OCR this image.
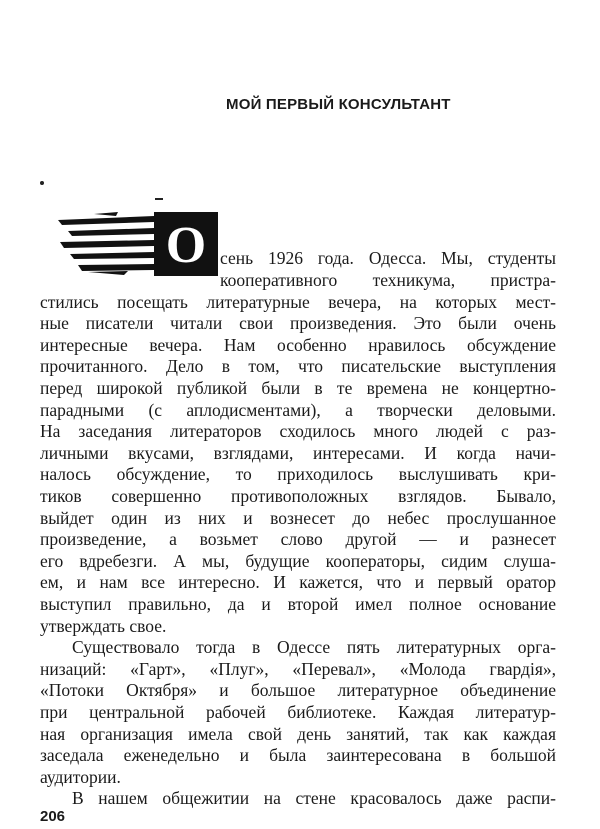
МОЙ ПЕРВЫЙ КОНСУЛЬТАНТ
О сень 1926 года. Одесса. Мы, студенты
кооперативного техникума, пристра-
стились посещать литературные вечера, на которых мест-
ные писатели читали свои произведения. Это были очень
интересные вечера. Нам особенно нравилось обсуждение
прочитанного. Дело в том, что писательские выступления
перед широкой публикой были в те времена не концертно-
парадными (с аплодисментами), а творчески деловыми.
На заседания литераторов сходилось много людей с раз-
личными вкусами, взглядами, интересами. И когда начи-
налось обсуждение, то приходилось выслушивать кри-
тиков совершенно противоположных взглядов. Бывало,
выйдет один из них и вознесет до небес прослушанное
произведение, а возьмет слово другой — и разнесет
его вдребезги. А мы, будущие кооператоры, сидим слуша-
ем, и нам все интересно. И кажется, что и первый оратор
выступил правильно, да и второй имел полное основание
утверждать свое.
Существовало тогда в Одессе пять литературных орга-
низаций: «Гарт», «Плуг», «Перевал», «Молода гвардія»,
«Потоки Октября» и большое литературное объединение
при центральной рабочей библиотеке. Каждая литератур-
ная организация имела свой день занятий, так как каждая
заседала еженедельно и была заинтересована в большой
аудитории.
В нашем общежитии на стене красовалось даже распи-
206
